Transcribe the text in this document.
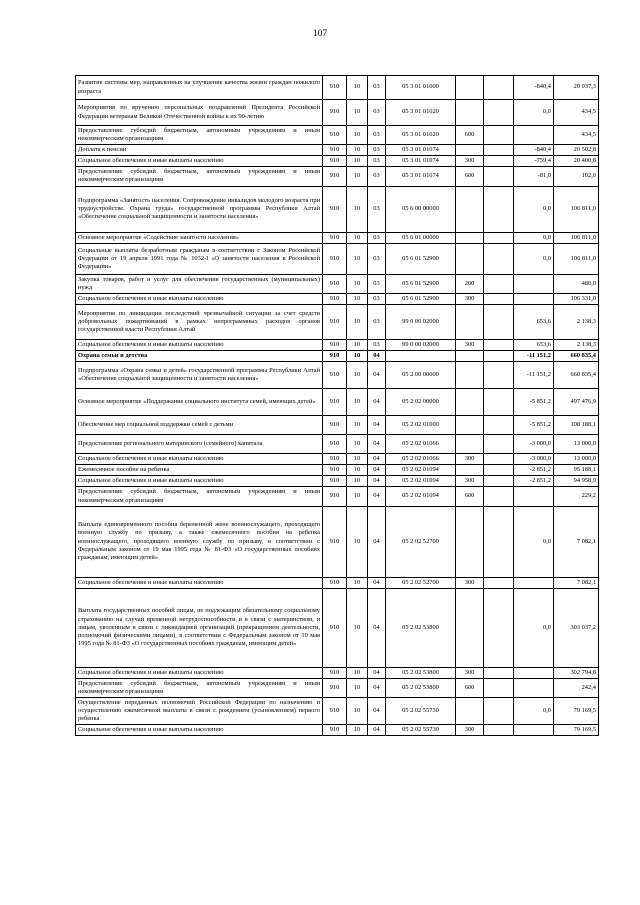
107
Развитие системы мер, направленных на улучшение качества жизни граждан пожилого возраста	910	10	03	05 3 01 01000			-840,4	20 937,3
Мероприятия по вручению персональных поздравлений Президента Российской Федерации ветеранам Великой Отечественной войны к их 90-летию	910	10	03	05 3 01 01020			0,0	434,5
Предоставление субсидий бюджетным, автономным учреждениям и иным некоммерческим организациям	910	10	03	05 3 01 01020	600			434,5
Доплата к пенсии	910	10	03	05 3 01 01074			-840,4	20 502,8
Социальное обеспечение и иные выплаты населению	910	10	03	05 3 01 01074	300		-759,4	20 400,8
Предоставление субсидий бюджетным, автономным учреждениям и иным некоммерческим организациям	910	10	03	05 3 01 01074	600		-81,0	102,0
Подпрограмма «Занятость населения. Сопровождение инвалидов молодого возраста при трудоустройстве. Охрана труда» государственной программы Республики Алтай «Обеспечение социальной защищенности и занятости населения»	910	10	03	05 6 00 00000			0,0	106 811,0
Основное мероприятие «Содействие занятости населения»	910	10	03	05 6 01 00000			0,0	106 811,0
Социальные выплаты безработным гражданам в соответствии с Законом Российской Федерации от 19 апреля 1991 года № 1032-I «О занятости населения в Российской Федерации»	910	10	03	05 6 01 52900			0,0	106 811,0
Закупка товаров, работ и услуг для обеспечения государственных (муниципальных) нужд	910	10	03	05 6 01 52900	200			480,0
Социальное обеспечение и иные выплаты населению	910	10	03	05 6 01 52900	300			106 331,0
Мероприятия по ликвидации последствий чрезвычайной ситуации за счет средств добровольных пожертвований в рамках непрограммных расходов органов государственной власти Республики Алтай	910	10	03	99 0 00 02000			653,6	2 138,3
Социальное обеспечение и иные выплаты населению	910	10	03	99 0 00 02000	300		653,6	2 138,3
Охрана семьи и детства	910	10	04				-11 151,2	660 835,4
Подпрограмма «Охрана семьи и детей» государственной программы Республики Алтай «Обеспечение социальной защищенности и занятости населения»	910	10	04	05 2 00 00000			-11 151,2	660 835,4
Основное мероприятие «Поддержание социального института семей, имеющих детей»	910	10	04	05 2 02 00000			-5 851,2	497 476,9
Обеспечение мер социальной поддержки семей с детьми	910	10	04	05 2 02 01000			-5 851,2	108 188,1
Предоставление регионального материнского (семейного) капитала	910	10	04	05 2 02 01066			-3 000,0	13 000,0
Социальное обеспечение и иные выплаты населению	910	10	04	05 2 02 01066	300		-3 000,0	13 000,0
Ежемесячное пособие на ребенка	910	10	04	05 2 02 01094			-2 851,2	95 188,1
Социальное обеспечение и иные выплаты населению	910	10	04	05 2 02 01094	300		-2 851,2	94 958,9
Предоставление субсидий бюджетным, автономным учреждениям и иным некоммерческим организациям	910	10	04	05 2 02 01094	600			229,2
Выплата единовременного пособия беременной жене военнослужащего, проходящего военную службу по призыву, а также ежемесячного пособия на ребенка военнослужащего, проходящего военную службу по призыву, в соответствии с Федеральным законом от 19 мая 1995 года № 81-ФЗ «О государственных пособиях гражданам, имеющим детей»	910	10	04	05 2 02 52700			0,0	7 082,1
Социальное обеспечение и иные выплаты населению	910	10	04	05 2 02 52700	300			7 082,1
Выплата государственных пособий лицам, не подлежащим обязательному социальному страхованию на случай временной нетрудоспособности и в связи с материнством, и лицам, уволенным в связи с ликвидацией организаций (прекращением деятельности, полномочий физическими лицами), в соответствии с Федеральным законом от 19 мая 1995 года № 81-ФЗ «О государственных пособиях гражданам, имеющим детей»	910	10	04	05 2 02 53800			0,0	303 037,2
Социальное обеспечение и иные выплаты населению	910	10	04	05 2 02 53800	300			302 794,8
Предоставление субсидий бюджетным, автономным учреждениям и иным некоммерческим организациям	910	10	04	05 2 02 53800	600			242,4
Осуществление переданных полномочий Российской Федерации по назначению и осуществлению ежемесячной выплаты в связи с рождением (усыновлением) первого ребенка	910	10	04	05 2 02 55730			0,0	79 169,5
Социальное обеспечение и иные выплаты населению	910	10	04	05 2 02 55730	300			79 169,5
